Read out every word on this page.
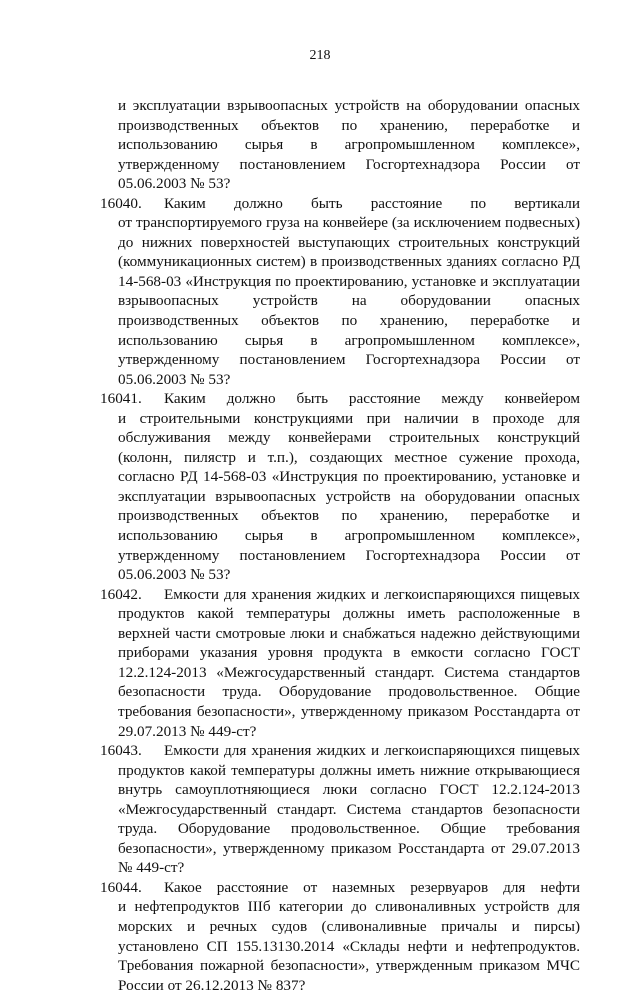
218

и эксплуатации взрывоопасных устройств на оборудовании опасных производственных объектов по хранению, переработке и использованию сырья в агропромышленном комплексе», утвержденному постановлением Госгортехнадзора России от 05.06.2003 № 53?

16040.	Каким должно быть расстояние по вертикали
от транспортируемого груза на конвейере (за исключением подвесных) до нижних поверхностей выступающих строительных конструкций (коммуникационных систем) в производственных зданиях согласно РД 14-568-03 «Инструкция по проектированию, установке и эксплуатации взрывоопасных устройств на оборудовании опасных производственных объектов по хранению, переработке и использованию сырья в агропромышленном комплексе», утвержденному постановлением Госгортехнадзора России от 05.06.2003 № 53?
16041.	Каким должно быть расстояние между конвейером
и строительными конструкциями при наличии в проходе для обслуживания между конвейерами строительных конструкций (колонн, пилястр и т.п.), создающих местное сужение прохода, согласно РД 14-568-03 «Инструкция по проектированию, установке и эксплуатации взрывоопасных устройств на оборудовании опасных производственных объектов по хранению, переработке и использованию сырья в агропромышленном комплексе», утвержденному постановлением Госгортехнадзора России от 05.06.2003 № 53?
16042.	Емкости для хранения жидких и легкоиспаряющихся пищевых
продуктов какой температуры должны иметь расположенные в верхней части смотровые люки и снабжаться надежно действующими приборами указания уровня продукта в емкости согласно ГОСТ 12.2.124-2013 «Межгосударственный стандарт. Система стандартов безопасности труда. Оборудование продовольственное. Общие требования безопасности», утвержденному приказом Росстандарта от 29.07.2013 № 449-ст?
16043.	Емкости для хранения жидких и легкоиспаряющихся пищевых
продуктов какой температуры должны иметь нижние открывающиеся внутрь самоуплотняющиеся люки согласно ГОСТ 12.2.124-2013 «Межгосударственный стандарт. Система стандартов безопасности труда. Оборудование продовольственное. Общие требования безопасности», утвержденному приказом Росстандарта от 29.07.2013 № 449-ст?
16044.	Какое расстояние от наземных резервуаров для нефти
и нефтепродуктов IIIб категории до сливоналивных устройств для морских и речных судов (сливоналивные причалы и пирсы) установлено СП 155.13130.2014 «Склады нефти и нефтепродуктов. Требования пожарной безопасности», утвержденным приказом МЧС России от 26.12.2013 № 837?
